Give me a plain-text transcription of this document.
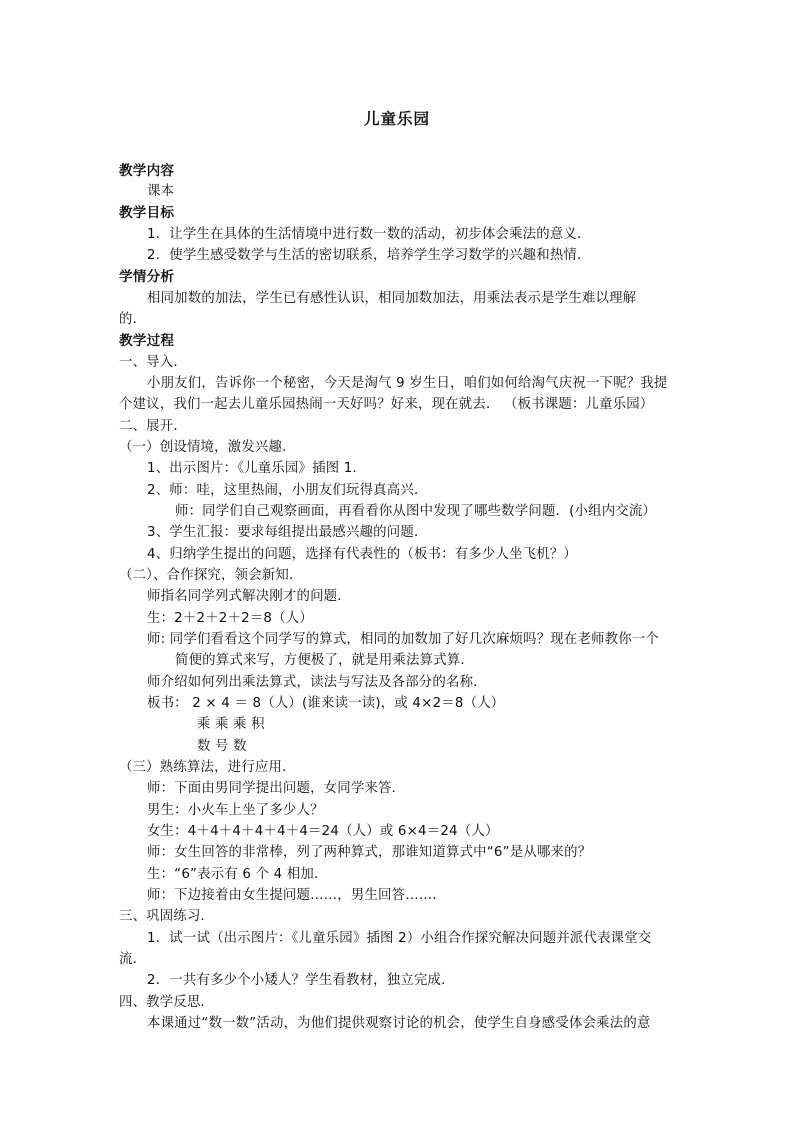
儿童乐园
教学内容
课本
教学目标
1．让学生在具体的生活情境中进行数一数的活动，初步体会乘法的意义．
2．使学生感受数学与生活的密切联系，培养学生学习数学的兴趣和热情．
学情分析
相同加数的加法，学生已有感性认识，相同加数加法，用乘法表示是学生难以理解
的．
教学过程
一、导入．
小朋友们，告诉你一个秘密，今天是淘气 9 岁生日，咱们如何给淘气庆祝一下呢？我提
个建议，我们一起去儿童乐园热闹一天好吗？好来，现在就去． （板书课题：儿童乐园）
二、展开．
（一）创设情境，激发兴趣．
1、出示图片：《儿童乐园》插图 1．
2、师：哇，这里热闹，小朋友们玩得真高兴．
师：同学们自己观察画面，再看看你从图中发现了哪些数学问题．(小组内交流）
3、学生汇报：要求每组提出最感兴趣的问题．
4、归纳学生提出的问题，选择有代表性的（板书：有多少人坐飞机？）
（二）、合作探究，领会新知．
师指名同学列式解决刚才的问题．
生：2＋2＋2＋2＝8（人）
师: 同学们看看这个同学写的算式，相同的加数加了好几次麻烦吗？现在老师教你一个
简便的算式来写，方便极了，就是用乘法算式算．
师介绍如何列出乘法算式，读法与写法及各部分的名称．
板书： 2 × 4 ＝ 8（人）(谁来读一读)，或 4×2＝8（人）
乘 乘 乘 积
数 号 数
（三）熟练算法，进行应用．
师：下面由男同学提出问题，女同学来答．
男生：小火车上坐了多少人？
女生：4＋4＋4＋4＋4＋4＝24（人）或 6×4＝24（人）
师：女生回答的非常棒，列了两种算式，那谁知道算式中“6”是从哪来的？
生：“6”表示有 6 个 4 相加．
师：下边接着由女生提问题……，男生回答……．
三、巩固练习．
1．试一试（出示图片：《儿童乐园》插图 2）小组合作探究解决问题并派代表课堂交
流．
2．一共有多少个小矮人？学生看教材，独立完成．
四、教学反思．
本课通过“数一数”活动，为他们提供观察讨论的机会，使学生自身感受体会乘法的意
